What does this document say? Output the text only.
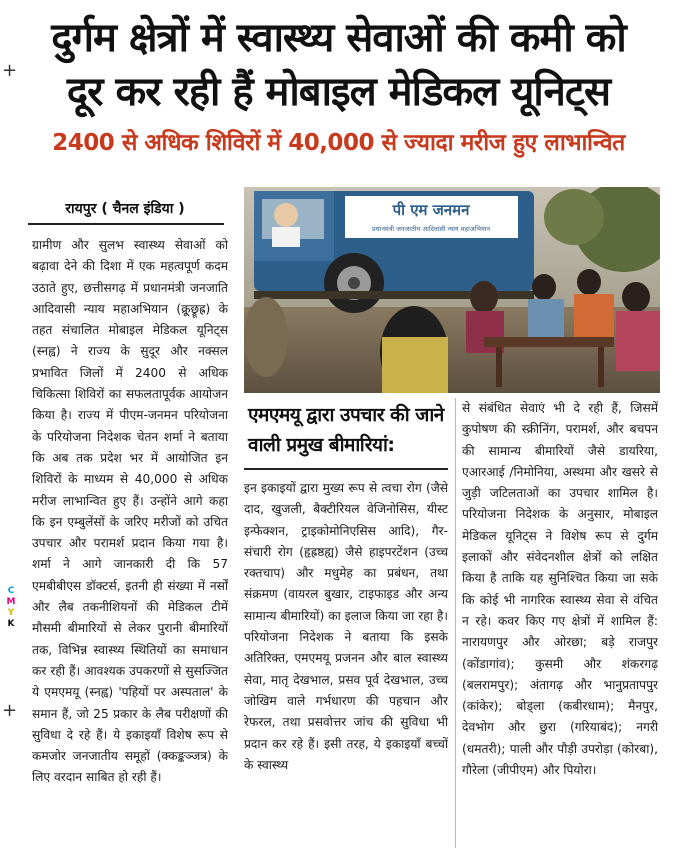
+
+
C
M
Y
K
दुर्गम क्षेत्रों में स्वास्थ्य सेवाओं की कमी को
दूर कर रही हैं मोबाइल मेडिकल यूनिट्स
2400 से अधिक शिविरों में 40,000 से ज्यादा मरीज हुए लाभान्वित
रायपुर ( चैनल इंडिया )

ग्रामीण और सुलभ स्वास्थ्य सेवाओं को बढ़ावा देने की दिशा में एक महत्वपूर्ण कदम उठाते हुए, छत्तीसगढ़ में प्रधानमंत्री जनजाति आदिवासी न्याय महाअभियान (क्रू्छ्रूह्र) के तहत संचालित मोबाइल मेडिकल यूनिट्स (स्नह्व) ने राज्य के सुदूर और नक्सल प्रभावित जिलों में 2400 से अधिक चिकित्सा शिविरों का सफलतापूर्वक आयोजन किया है। राज्य में पीएम-जनमन परियोजना के परियोजना निदेशक चेतन शर्मा ने बताया कि अब तक प्रदेश भर में आयोजित इन शिविरों के माध्यम से 40,000 से अधिक मरीज लाभान्वित हुए हैं। उन्होंने आगे कहा कि इन एम्बुलेंसों के जरिए मरीजों को उचित उपचार और परामर्श प्रदान किया गया है। शर्मा ने आगे जानकारी दी कि 57 एमबीबीएस डॉक्टर्स, इतनी ही संख्या में नर्सों और लैब तकनीशियनों की मेडिकल टीमें मौसमी बीमारियों से लेकर पुरानी बीमारियों तक, विभिन्न स्वास्थ्य स्थितियों का समाधान कर रही हैं। आवश्यक उपकरणों से सुसज्जित ये एमएमयू (स्नह्व) 'पहियों पर अस्पताल' के समान हैं, जो 25 प्रकार के लैब परीक्षणों की सुविधा दे रहे हैं। ये इकाइयाँ विशेष रूप से कमजोर जनजातीय समूहों (क्कङ्कञ्जत्र) के लिए वरदान साबित हो रही हैं।

पी एम जनमन
प्रधानमंत्री जनजातीय आदिवासी न्याय महाअभियान
एमएमयू द्वारा उपचार की जाने वाली प्रमुख बीमारियां:

इन इकाइयों द्वारा मुख्य रूप से त्वचा रोग (जैसे दाद, खुजली, बैक्टीरियल वेजिनोसिस, यीस्ट इन्फेक्शन, ट्राइकोमोनिएसिस आदि), गैर-संचारी रोग (हृह्रष्ठह्य) जैसे हाइपरटेंशन (उच्च रक्तचाप) और मधुमेह का प्रबंधन, तथा संक्रमण (वायरल बुखार, टाइफाइड और अन्य सामान्य बीमारियों) का इलाज किया जा रहा है। परियोजना निदेशक ने बताया कि इसके अतिरिक्त, एमएमयू प्रजनन और बाल स्वास्थ्य सेवा, मातृ देखभाल, प्रसव पूर्व देखभाल, उच्च जोखिम वाले गर्भधारण की पहचान और रेफरल, तथा प्रसवोत्तर जांच की सुविधा भी प्रदान कर रहे हैं। इसी तरह, ये इकाइयाँ बच्चों के स्वास्थ्य

से संबंधित सेवाएं भी दे रही हैं, जिसमें कुपोषण की स्क्रीनिंग, परामर्श, और बचपन की सामान्य बीमारियों जैसे डायरिया, एआरआई /निमोनिया, अस्थमा और खसरे से जुड़ी जटिलताओं का उपचार शामिल है। परियोजना निदेशक के अनुसार, मोबाइल मेडिकल यूनिट्स ने विशेष रूप से दुर्गम इलाकों और संवेदनशील क्षेत्रों को लक्षित किया है ताकि यह सुनिश्चित किया जा सके कि कोई भी नागरिक स्वास्थ्य सेवा से वंचित न रहे। कवर किए गए क्षेत्रों में शामिल हैं: नारायणपुर और ओरछा; बड़े राजपुर (कोंडागांव); कुसमी और शंकरगढ़ (बलरामपुर); अंतागढ़ और भानुप्रतापपुर (कांकेर); बोड्ला (कबीरधाम); मैनपुर, देवभोग और छुरा (गरियाबंद); नगरी (धमतरी); पाली और पौड़ी उपरोड़ा (कोरबा), गौरेला (जीपीएम) और पियोरा।
